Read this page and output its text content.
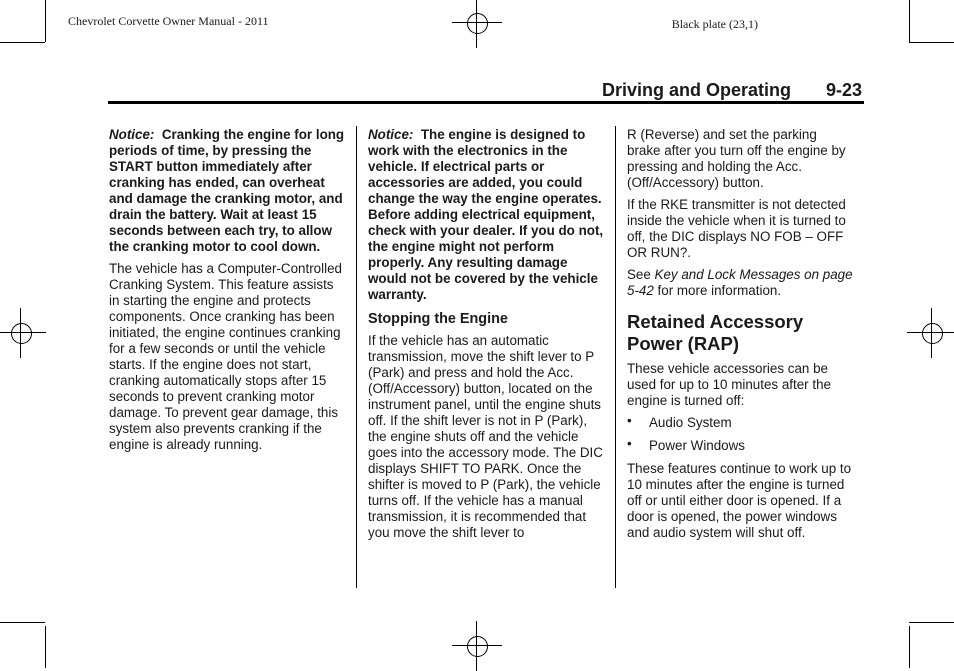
Chevrolet Corvette Owner Manual - 2011	Black plate (23,1)
Driving and Operating 9-23

Notice: Cranking the engine for long periods of time, by pressing the START button immediately after cranking has ended, can overheat and damage the cranking motor, and drain the battery. Wait at least 15 seconds between each try, to allow the cranking motor to cool down.

The vehicle has a Computer-Controlled Cranking System. This feature assists in starting the engine and protects components. Once cranking has been initiated, the engine continues cranking for a few seconds or until the vehicle starts. If the engine does not start, cranking automatically stops after 15 seconds to prevent cranking motor damage. To prevent gear damage, this system also prevents cranking if the engine is already running.

Notice: The engine is designed to work with the electronics in the vehicle. If electrical parts or accessories are added, you could change the way the engine operates. Before adding electrical equipment, check with your dealer. If you do not, the engine might not perform properly. Any resulting damage would not be covered by the vehicle warranty.

Stopping the Engine

If the vehicle has an automatic transmission, move the shift lever to P (Park) and press and hold the Acc. (Off/Accessory) button, located on the instrument panel, until the engine shuts off. If the shift lever is not in P (Park), the engine shuts off and the vehicle goes into the accessory mode. The DIC displays SHIFT TO PARK. Once the shifter is moved to P (Park), the vehicle turns off. If the vehicle has a manual transmission, it is recommended that you move the shift lever to

R (Reverse) and set the parking brake after you turn off the engine by pressing and holding the Acc. (Off/Accessory) button.

If the RKE transmitter is not detected inside the vehicle when it is turned to off, the DIC displays NO FOB – OFF OR RUN?.

See Key and Lock Messages on page 5-42 for more information.

Retained Accessory Power (RAP)

These vehicle accessories can be used for up to 10 minutes after the engine is turned off:

• Audio System
• Power Windows

These features continue to work up to 10 minutes after the engine is turned off or until either door is opened. If a door is opened, the power windows and audio system will shut off.
